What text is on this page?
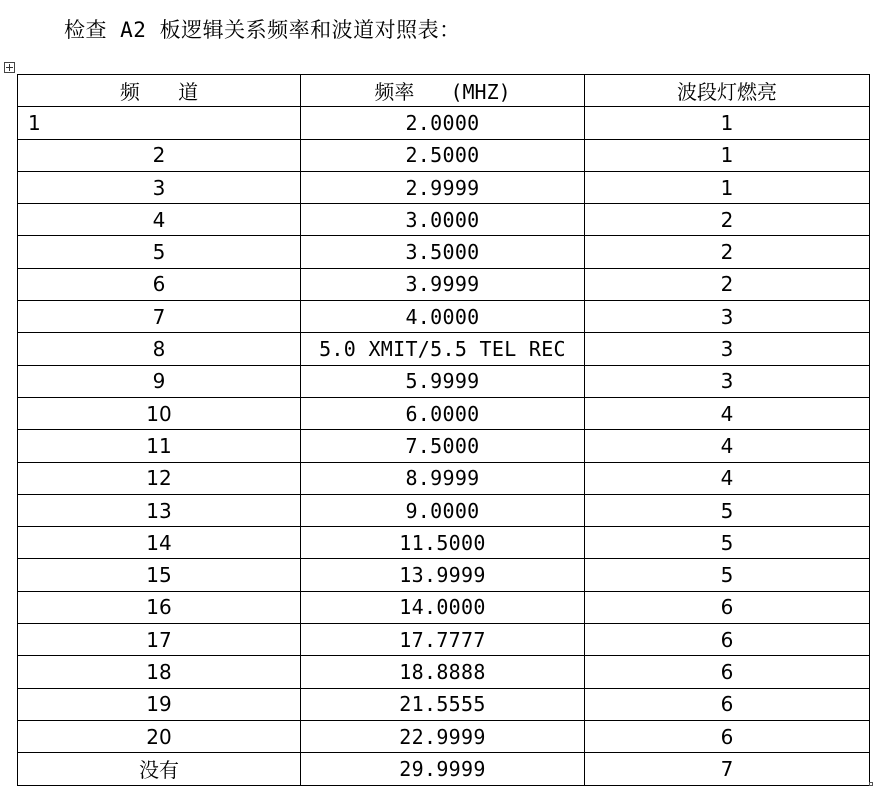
检查 A2 板逻辑关系频率和波道对照表：
频      道	频率   (MHZ)	波段灯燃亮
1	2.0000	1
2	2.5000	1
3	2.9999	1
4	3.0000	2
5	3.5000	2
6	3.9999	2
7	4.0000	3
8	5.0 XMIT/5.5 TEL REC	3
9	5.9999	3
10	6.0000	4
11	7.5000	4
12	8.9999	4
13	9.0000	5
14	11.5000	5
15	13.9999	5
16	14.0000	6
17	17.7777	6
18	18.8888	6
19	21.5555	6
20	22.9999	6
没有	29.9999	7
